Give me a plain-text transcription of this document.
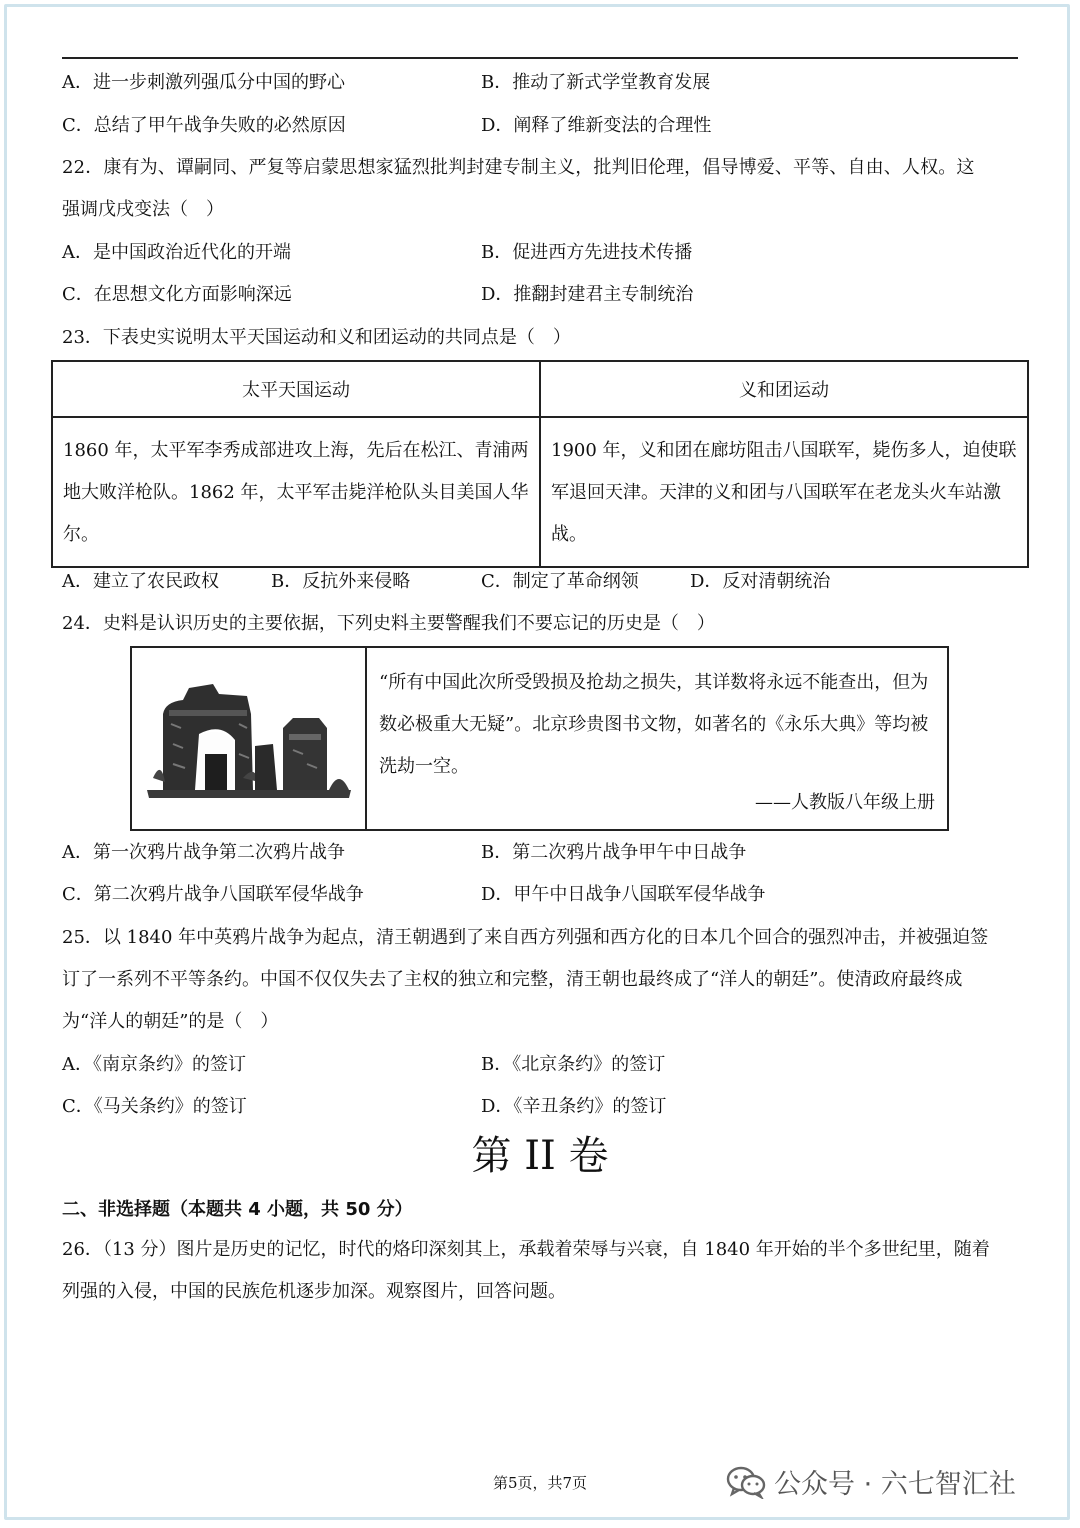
A．进一步刺激列强瓜分中国的野心	B．推动了新式学堂教育发展
C．总结了甲午战争失败的必然原因	D．阐释了维新变法的合理性
22．康有为、谭嗣同、严复等启蒙思想家猛烈批判封建专制主义，批判旧伦理，倡导博爱、平等、自由、人权。这
强调戊戌变法（　）
A．是中国政治近代化的开端	B．促进西方先进技术传播
C．在思想文化方面影响深远	D．推翻封建君主专制统治
23．下表史实说明太平天国运动和义和团运动的共同点是（　）
太平天国运动	义和团运动
1860 年，太平军李秀成部进攻上海，先后在松江、青浦两地大败洋枪队。1862 年，太平军击毙洋枪队头目美国人华尔。	1900 年，义和团在廊坊阻击八国联军，毙伤多人，迫使联军退回天津。天津的义和团与八国联军在老龙头火车站激战。
A．建立了农民政权	B．反抗外来侵略	C．制定了革命纲领	D．反对清朝统治
24．史料是认识历史的主要依据，下列史料主要警醒我们不要忘记的历史是（　）
“所有中国此次所受毁损及抢劫之损失，其详数将永远不能查出，但为数必极重大无疑”。北京珍贵图书文物，如著名的《永乐大典》等均被洗劫一空。
——人教版八年级上册
A．第一次鸦片战争第二次鸦片战争	B．第二次鸦片战争甲午中日战争
C．第二次鸦片战争八国联军侵华战争	D．甲午中日战争八国联军侵华战争
25．以 1840 年中英鸦片战争为起点，清王朝遇到了来自西方列强和西方化的日本几个回合的强烈冲击，并被强迫签
订了一系列不平等条约。中国不仅仅失去了主权的独立和完整，清王朝也最终成了“洋人的朝廷”。使清政府最终成
为“洋人的朝廷”的是（　）
A．《南京条约》的签订	B．《北京条约》的签订
C．《马关条约》的签订	D．《辛丑条约》的签订
第 II 卷
二、非选择题（本题共 4 小题，共 50 分）
26．（13 分）图片是历史的记忆，时代的烙印深刻其上，承载着荣辱与兴衰，自 1840 年开始的半个多世纪里，随着
列强的入侵，中国的民族危机逐步加深。观察图片，回答问题。
第5页，共7页	公众号 · 六七智汇社
